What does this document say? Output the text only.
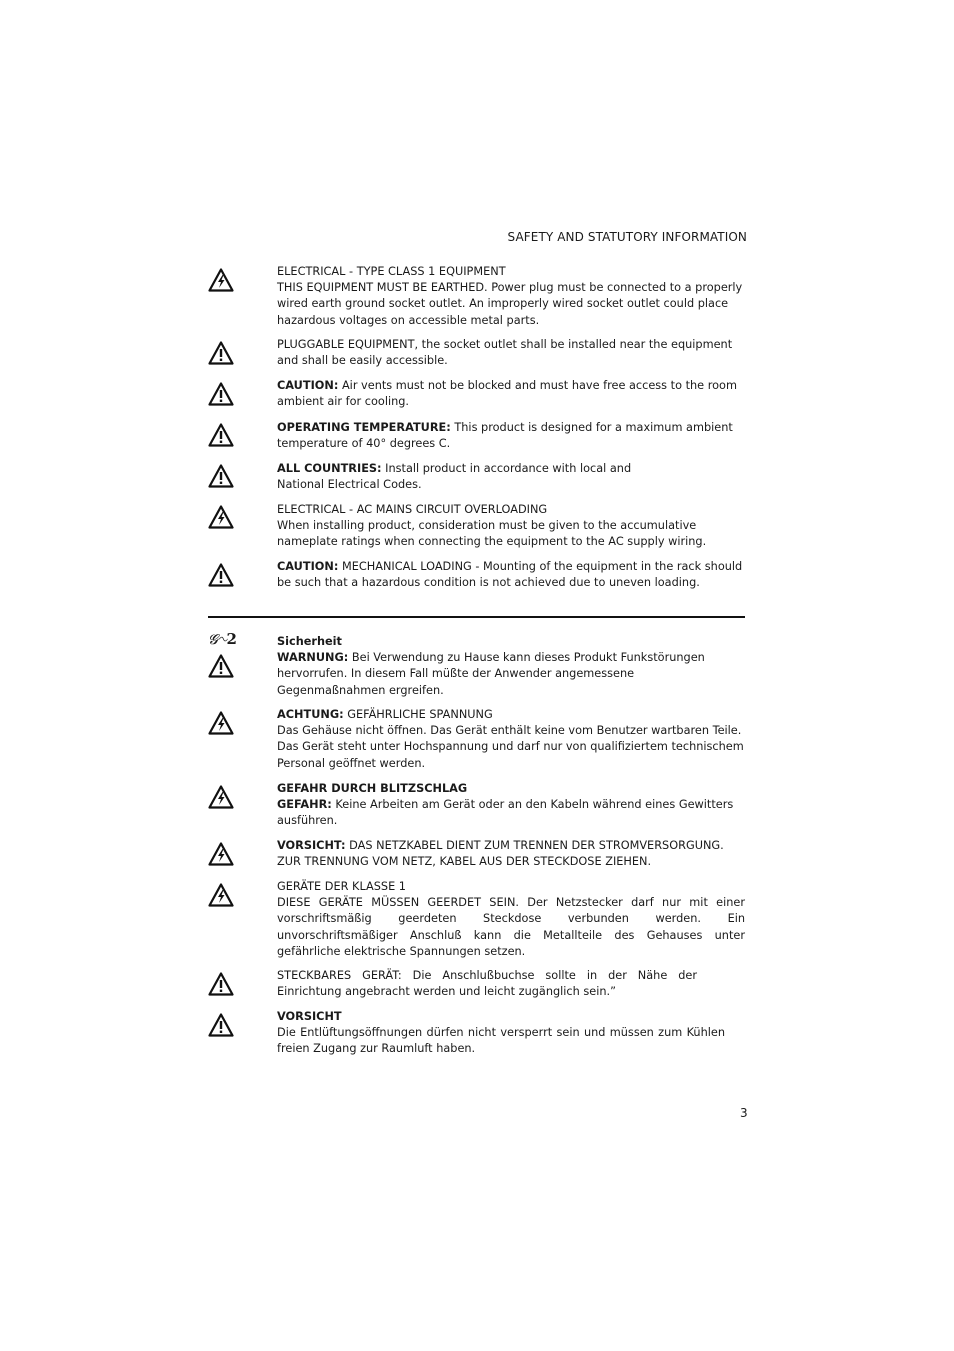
SAFETY AND STATUTORY INFORMATION

ELECTRICAL - TYPE CLASS 1 EQUIPMENT

THIS EQUIPMENT MUST BE EARTHED. Power plug must be connected to a properly wired earth ground socket outlet. An improperly wired socket outlet could place hazardous voltages on accessible metal parts.

PLUGGABLE EQUIPMENT, the socket outlet shall be installed near the equipment and shall be easily accessible.

CAUTION: Air vents must not be blocked and must have free access to the room ambient air for cooling.

OPERATING TEMPERATURE: This product is designed for a maximum ambient temperature of 40° degrees C.

ALL COUNTRIES: Install product in accordance with local and National Electrical Codes.

ELECTRICAL - AC MAINS CIRCUIT OVERLOADING

When installing product, consideration must be given to the accumulative nameplate ratings when connecting the equipment to the AC supply wiring.

CAUTION: MECHANICAL LOADING - Mounting of the equipment in the rack should be such that a hazardous condition is not achieved due to uneven loading.

𝓖∿2	Sicherheit

WARNUNG: Bei Verwendung zu Hause kann dieses Produkt Funkstörungen hervorrufen. In diesem Fall müßte der Anwender angemessene Gegenmaßnahmen ergreifen.

ACHTUNG: GEFÄHRLICHE SPANNUNG

Das Gehäuse nicht öffnen. Das Gerät enthält keine vom Benutzer wartbaren Teile. Das Gerät steht unter Hochspannung und darf nur von qualifiziertem technischem Personal geöffnet werden.

GEFAHR DURCH BLITZSCHLAG

GEFAHR: Keine Arbeiten am Gerät oder an den Kabeln während eines Gewitters ausführen.

VORSICHT: DAS NETZKABEL DIENT ZUM TRENNEN DER STROMVERSORGUNG. ZUR TRENNUNG VOM NETZ, KABEL AUS DER STECKDOSE ZIEHEN.

GERÄTE DER KLASSE 1

DIESE GERÄTE MÜSSEN GEERDET SEIN. Der Netzstecker darf nur mit einer vorschriftsmäßig geerdeten Steckdose verbunden werden. Ein unvorschriftsmäßiger Anschluß kann die Metallteile des Gehauses unter gefährliche elektrische Spannungen setzen.

STECKBARES GERÄT: Die Anschlußbuchse sollte in der Nähe der Einrichtung angebracht werden und leicht zugänglich sein.”

VORSICHT

Die Entlüftungsöffnungen dürfen nicht versperrt sein und müssen zum Kühlen freien Zugang zur Raumluft haben.

3
